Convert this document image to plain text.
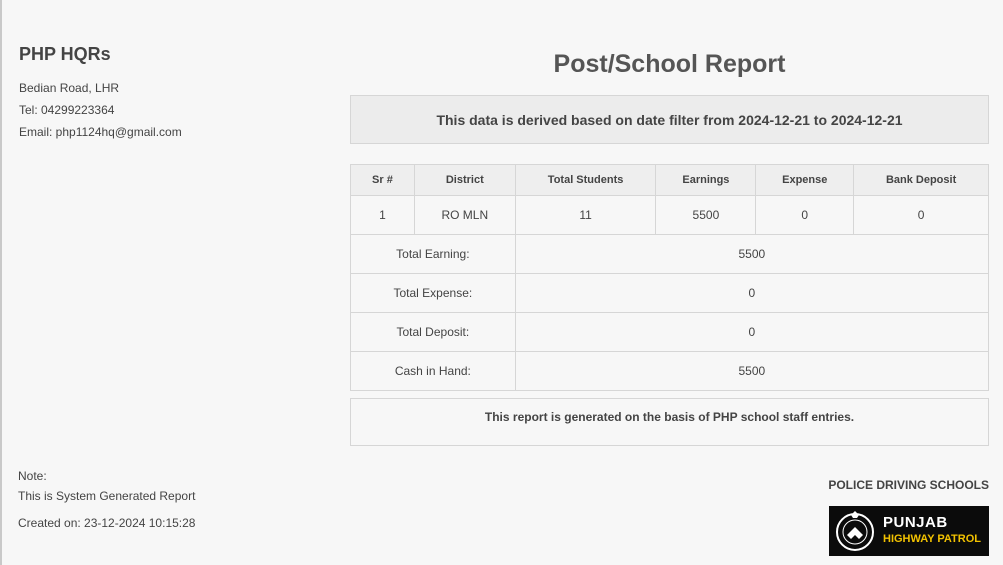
PHP HQRs
Bedian Road, LHR
Tel: 04299223364
Email: php1124hq@gmail.com
Post/School Report
This data is derived based on date filter from 2024-12-21 to 2024-12-21
Sr #	District	Total Students	Earnings	Expense	Bank Deposit
1	RO MLN	11	5500	0	0
Total Earning:		5500			
Total Expense:		0			
Total Deposit:		0			
Cash in Hand:		5500			
This report is generated on the basis of PHP school staff entries.
Note:
This is System Generated Report
Created on: 23-12-2024 10:15:28
POLICE DRIVING SCHOOLS
PUNJAB
HIGHWAY PATROL
